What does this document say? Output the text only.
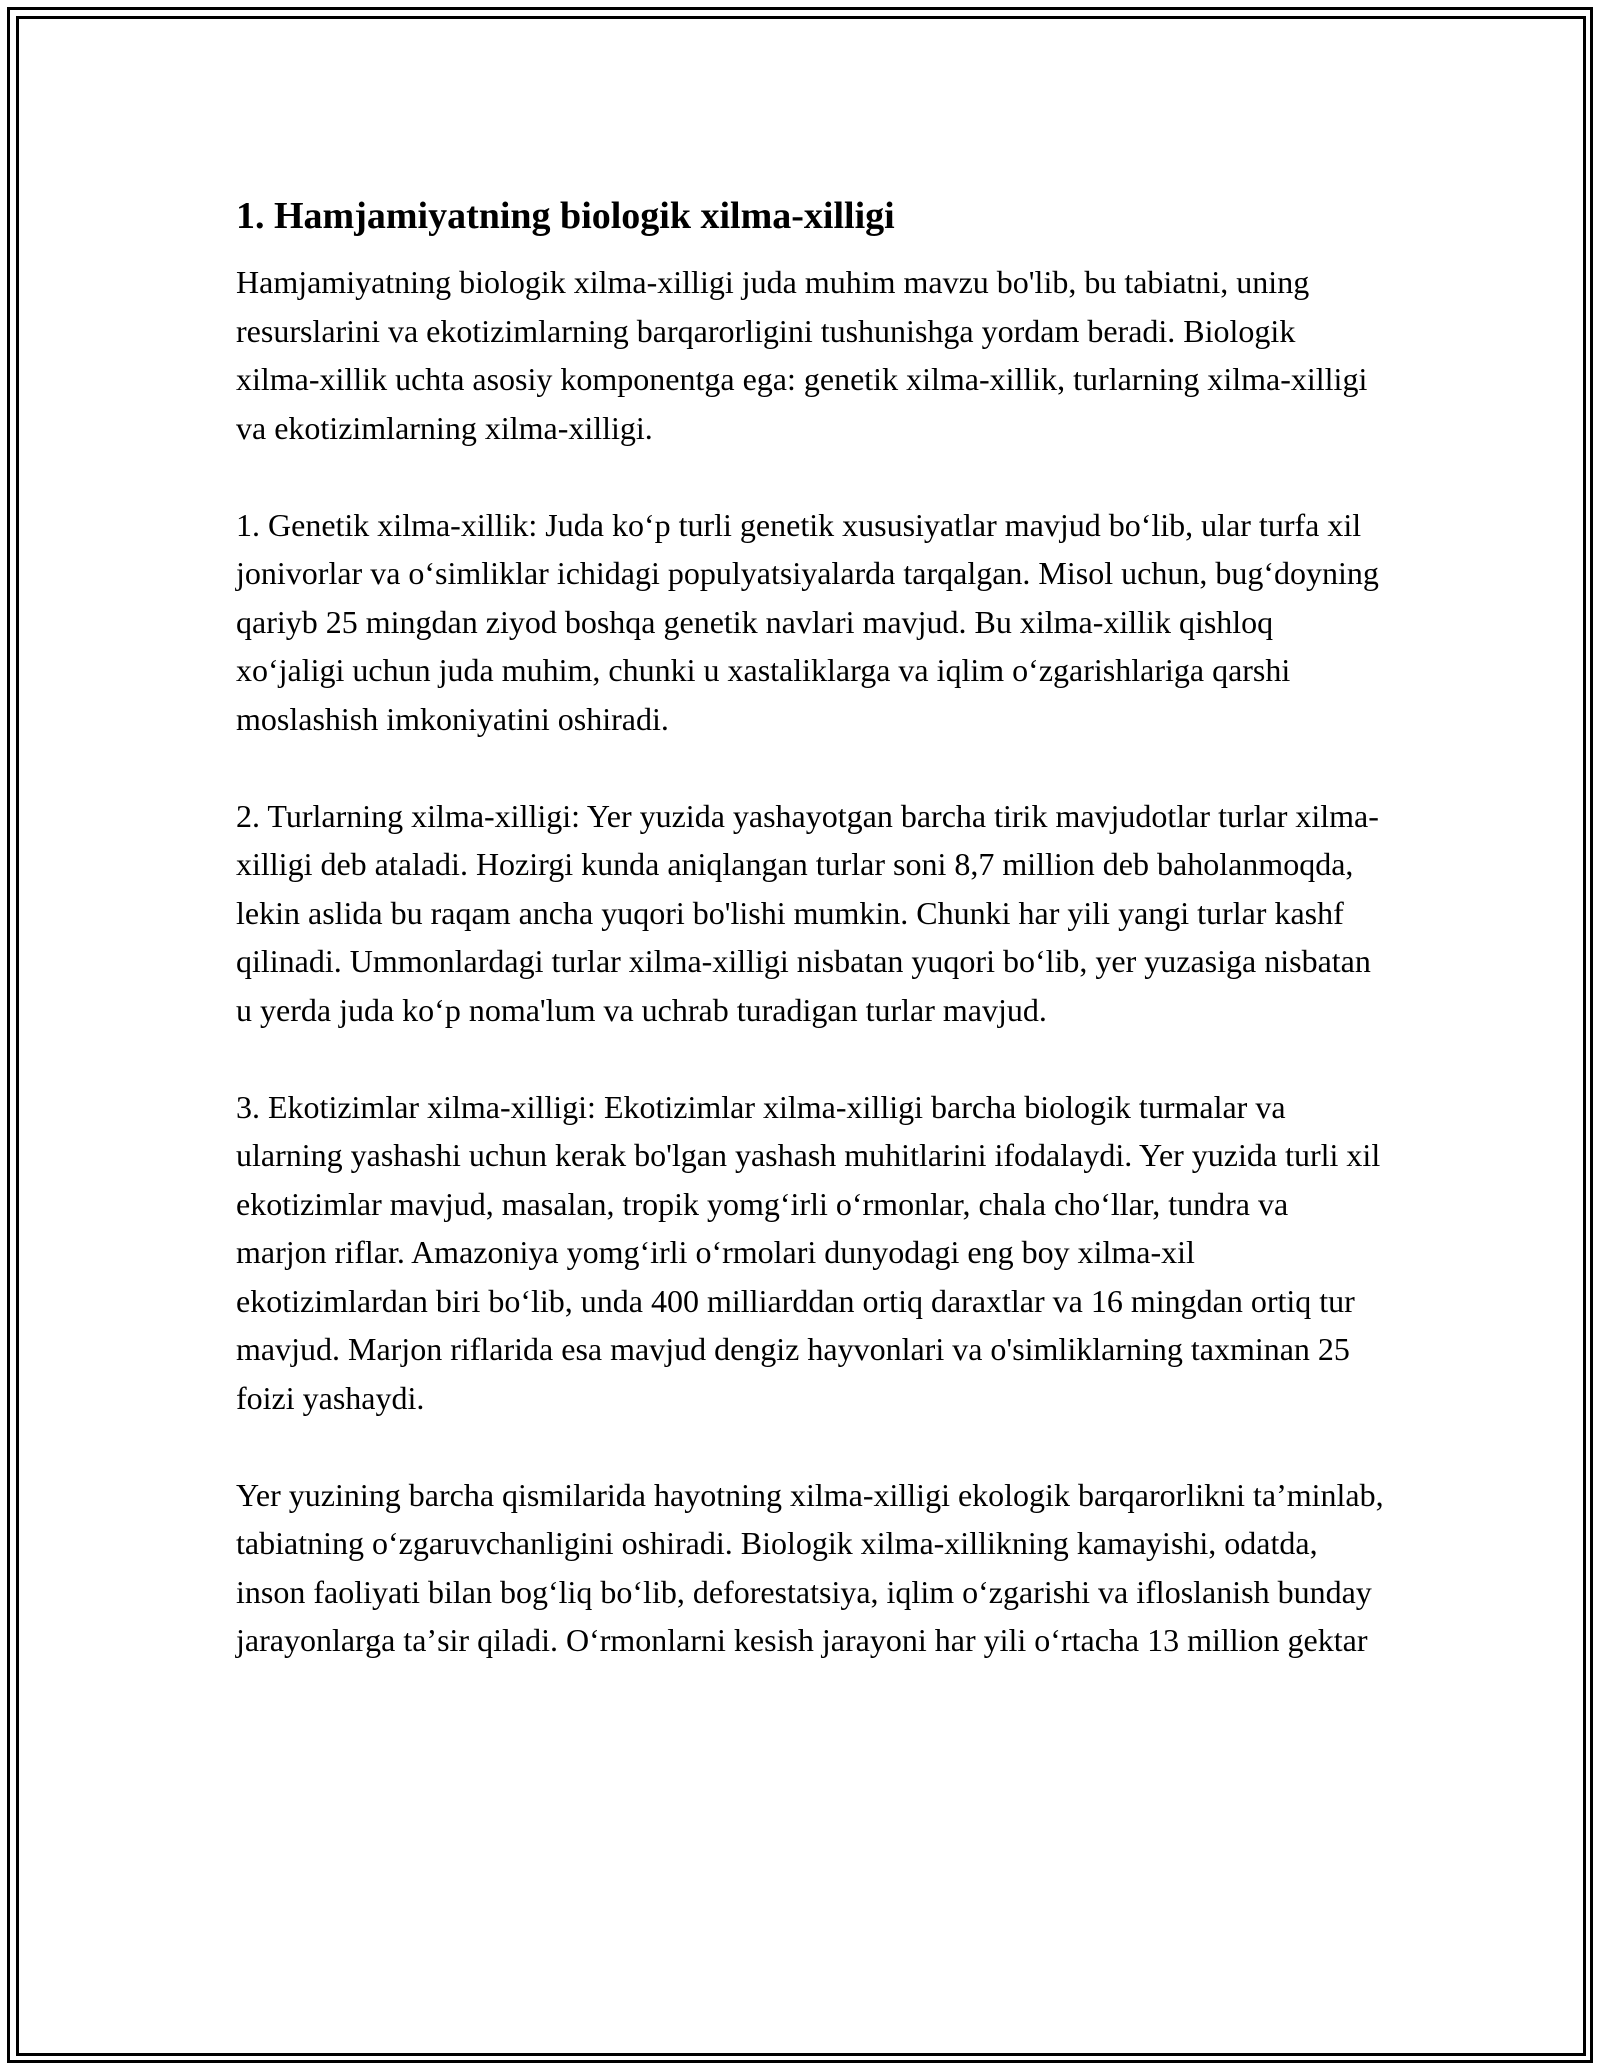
1. Hamjamiyatning biologik xilma-xilligi

Hamjamiyatning biologik xilma-xilligi juda muhim mavzu bo'lib, bu tabiatni, uning resurslarini va ekotizimlarning barqarorligini tushunishga yordam beradi. Biologik xilma-xillik uchta asosiy komponentga ega: genetik xilma-xillik, turlarning xilma-xilligi va ekotizimlarning xilma-xilligi.

1. Genetik xilma-xillik: Juda koʻp turli genetik xususiyatlar mavjud boʻlib, ular turfa xil jonivorlar va oʻsimliklar ichidagi populyatsiyalarda tarqalgan. Misol uchun, bugʻdoyning qariyb 25 mingdan ziyod boshqa genetik navlari mavjud. Bu xilma-xillik qishloq xoʻjaligi uchun juda muhim, chunki u xastaliklarga va iqlim oʻzgarishlariga qarshi moslashish imkoniyatini oshiradi.

2. Turlarning xilma-xilligi: Yer yuzida yashayotgan barcha tirik mavjudotlar turlar xilma-xilligi deb ataladi. Hozirgi kunda aniqlangan turlar soni 8,7 million deb baholanmoqda, lekin aslida bu raqam ancha yuqori bo'lishi mumkin. Chunki har yili yangi turlar kashf qilinadi. Ummonlardagi turlar xilma-xilligi nisbatan yuqori boʻlib, yer yuzasiga nisbatan u yerda juda koʻp noma'lum va uchrab turadigan turlar mavjud.

3. Ekotizimlar xilma-xilligi: Ekotizimlar xilma-xilligi barcha biologik turmalar va ularning yashashi uchun kerak bo'lgan yashash muhitlarini ifodalaydi. Yer yuzida turli xil ekotizimlar mavjud, masalan, tropik yomgʻirli oʻrmonlar, chala choʻllar, tundra va marjon riflar. Amazoniya yomgʻirli oʻrmolari dunyodagi eng boy xilma-xil ekotizimlardan biri boʻlib, unda 400 milliarddan ortiq daraxtlar va 16 mingdan ortiq tur mavjud. Marjon riflarida esa mavjud dengiz hayvonlari va o'simliklarning taxminan 25 foizi yashaydi.

Yer yuzining barcha qismilarida hayotning xilma-xilligi ekologik barqarorlikni taʼminlab, tabiatning oʻzgaruvchanligini oshiradi. Biologik xilma-xillikning kamayishi, odatda, inson faoliyati bilan bogʻliq boʻlib, deforestatsiya, iqlim oʻzgarishi va ifloslanish bunday jarayonlarga taʼsir qiladi. Oʻrmonlarni kesish jarayoni har yili oʻrtacha 13 million gektar
